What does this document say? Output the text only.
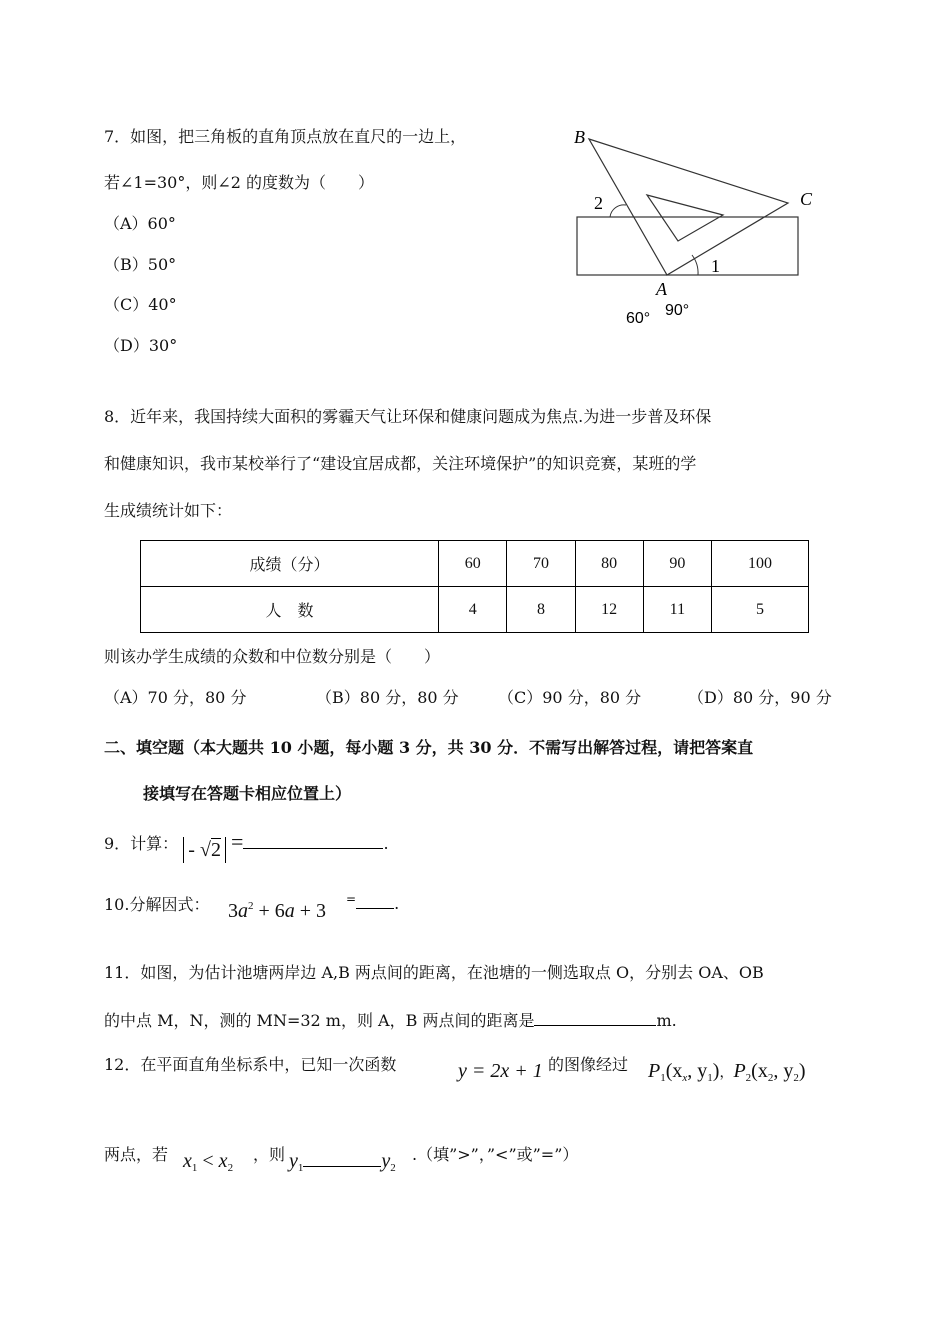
7．如图，把三角板的直角顶点放在直尺的一边上，
若∠1=30°，则∠2 的度数为（　　）
（A）60°
（B）50°
（C）40°
（D）30°
B
C
A
2
1
60° 90°
8．近年来，我国持续大面积的雾霾天气让环保和健康问题成为焦点.为进一步普及环保
和健康知识，我市某校举行了“建设宜居成都，关注环境保护”的知识竞赛，某班的学
生成绩统计如下：
成绩（分）	60	70	80	90	100
人　数	4	8	12	11	5
则该办学生成绩的众数和中位数分别是（　　）
（A）70 分，80 分	（B）80 分，80 分 （C）90 分，80 分	（D）80 分，90 分
二、填空题（本大题共 10 小题，每小题 3 分，共 30 分．不需写出解答过程，请把答案直
接填写在答题卡相应位置上）
9．计算： - √2 =	.
10.分解因式： $3a^2 + 6a + 3$
= .
11．如图，为估计池塘两岸边 A,B 两点间的距离，在池塘的一侧选取点 O，分别去 OA、OB
的中点 M，N，测的 MN=32 m，则 A，B 两点间的距离是	m.
12．在平面直角坐标系中，已知一次函数	y = 2x + 1 的图像经过 $P_1(x_x$, $y_1$)，$P_2(x_2$, $y_2$)
两点，若 $x_1 < x_2$
，则 $y_1$	$y_2$
.（填”>”，”<”或”=”）
